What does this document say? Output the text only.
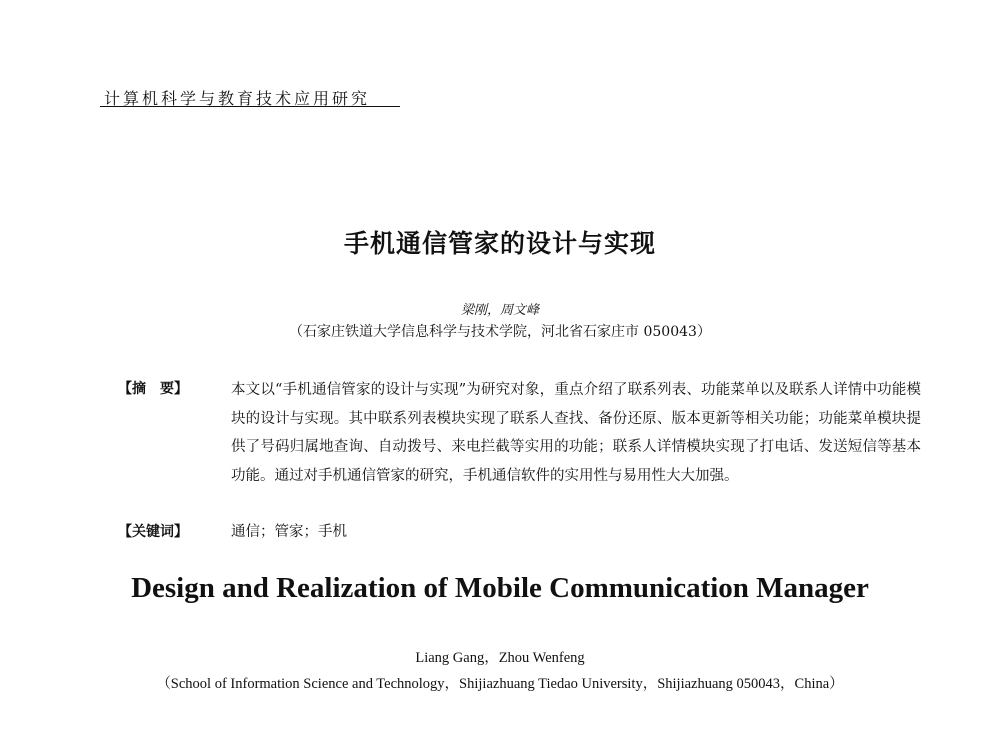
计算机科学与教育技术应用研究
手机通信管家的设计与实现
梁刚，周文峰
（石家庄铁道大学信息科学与技术学院，河北省石家庄市 050043）
【摘　要】	本文以“手机通信管家的设计与实现”为研究对象，重点介绍了联系列表、功能菜单以及联系人详情中功能模块的设计与实现。其中联系列表模块实现了联系人查找、备份还原、版本更新等相关功能；功能菜单模块提供了号码归属地查询、自动拨号、来电拦截等实用的功能；联系人详情模块实现了打电话、发送短信等基本功能。通过对手机通信管家的研究，手机通信软件的实用性与易用性大大加强。
【关键词】	通信；管家；手机
Design and Realization of Mobile Communication Manager
Liang Gang，Zhou Wenfeng
（School of Information Science and Technology，Shijiazhuang Tiedao University，Shijiazhuang 050043，China）
